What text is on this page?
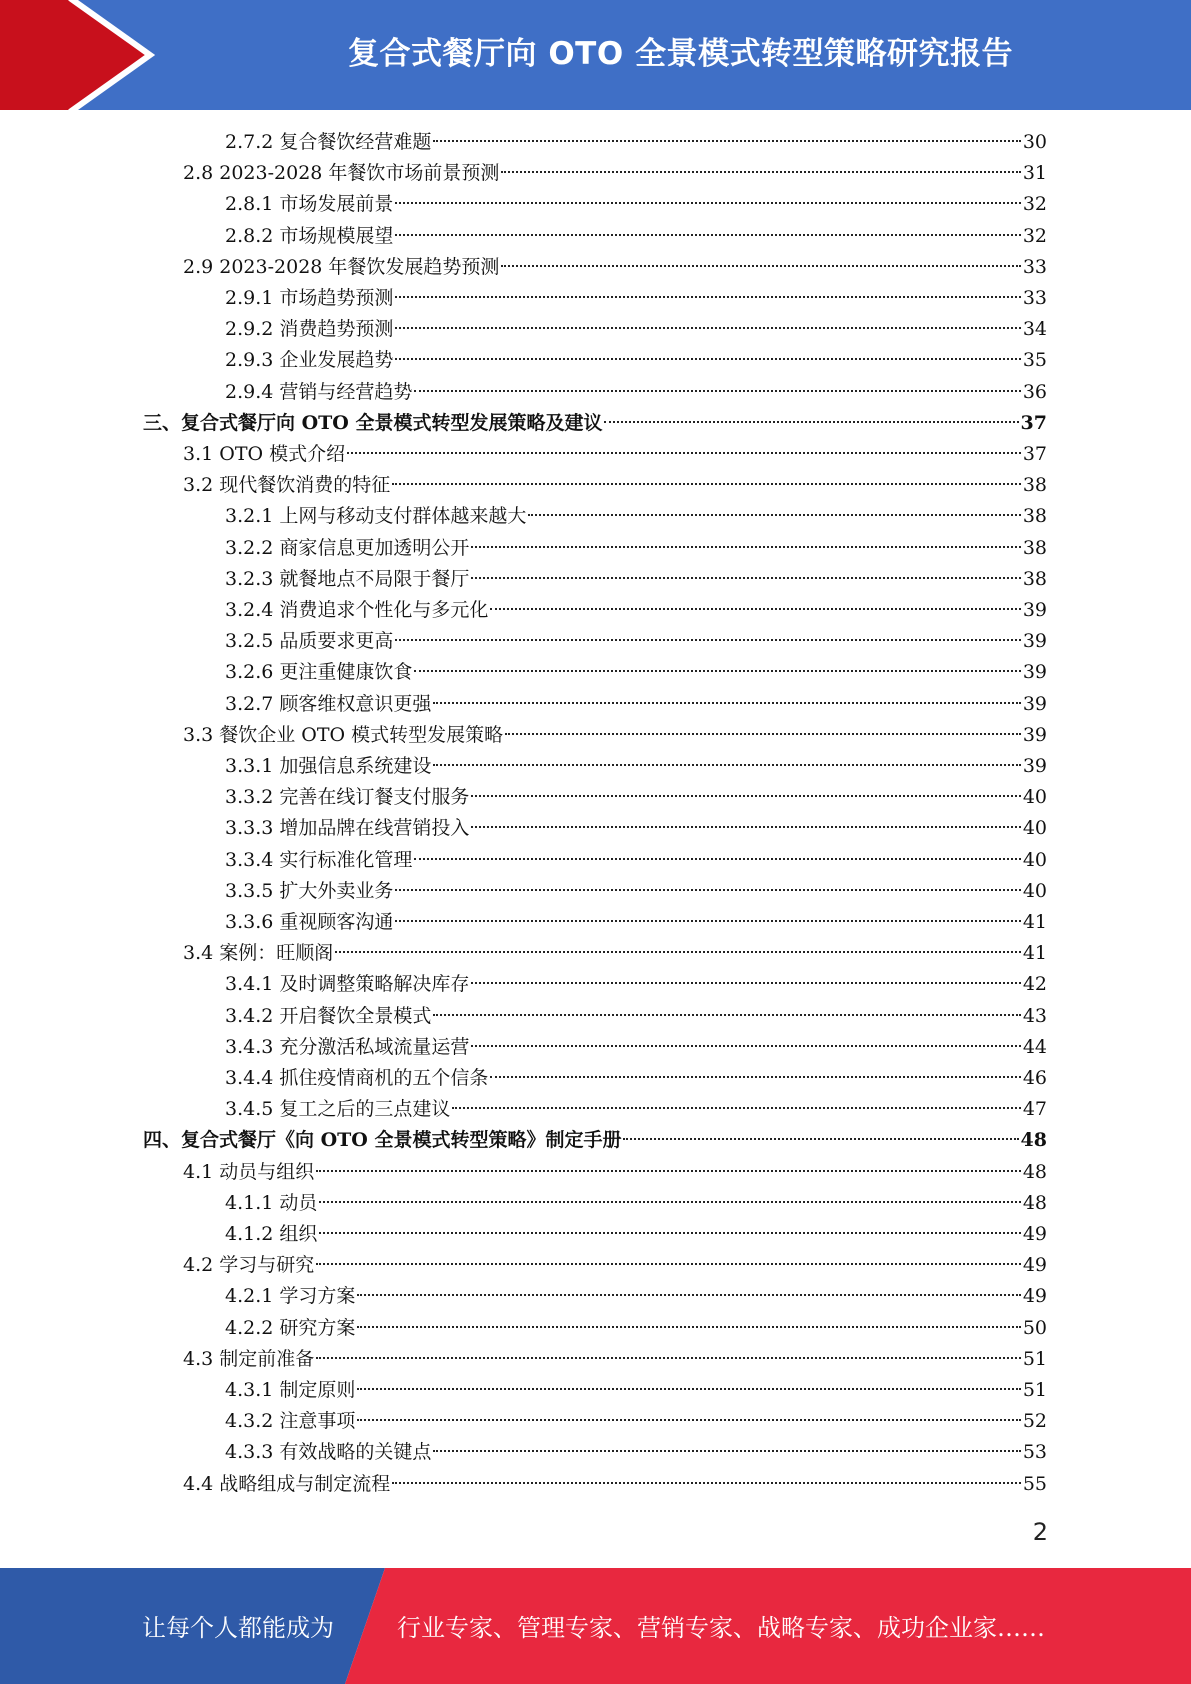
复合式餐厅向 OTO 全景模式转型策略研究报告
2.7.2 复合餐饮经营难题	30
2.8 2023-2028 年餐饮市场前景预测	31
2.8.1 市场发展前景	32
2.8.2 市场规模展望	32
2.9 2023-2028 年餐饮发展趋势预测	33
2.9.1 市场趋势预测	33
2.9.2 消费趋势预测	34
2.9.3 企业发展趋势	35
2.9.4 营销与经营趋势	36
三、复合式餐厅向 OTO 全景模式转型发展策略及建议	37
3.1 OTO 模式介绍	37
3.2 现代餐饮消费的特征	38
3.2.1 上网与移动支付群体越来越大	38
3.2.2 商家信息更加透明公开	38
3.2.3 就餐地点不局限于餐厅	38
3.2.4 消费追求个性化与多元化	39
3.2.5 品质要求更高	39
3.2.6 更注重健康饮食	39
3.2.7 顾客维权意识更强	39
3.3 餐饮企业 OTO 模式转型发展策略	39
3.3.1 加强信息系统建设	39
3.3.2 完善在线订餐支付服务	40
3.3.3 增加品牌在线营销投入	40
3.3.4 实行标准化管理	40
3.3.5 扩大外卖业务	40
3.3.6 重视顾客沟通	41
3.4 案例：旺顺阁	41
3.4.1 及时调整策略解决库存	42
3.4.2 开启餐饮全景模式	43
3.4.3 充分激活私域流量运营	44
3.4.4 抓住疫情商机的五个信条	46
3.4.5 复工之后的三点建议	47
四、复合式餐厅《向 OTO 全景模式转型策略》制定手册	48
4.1 动员与组织	48
4.1.1 动员	48
4.1.2 组织	49
4.2 学习与研究	49
4.2.1 学习方案	49
4.2.2 研究方案	50
4.3 制定前准备	51
4.3.1 制定原则	51
4.3.2 注意事项	52
4.3.3 有效战略的关键点	53
4.4 战略组成与制定流程	55
2
让每个人都能成为	行业专家、管理专家、营销专家、战略专家、成功企业家……
